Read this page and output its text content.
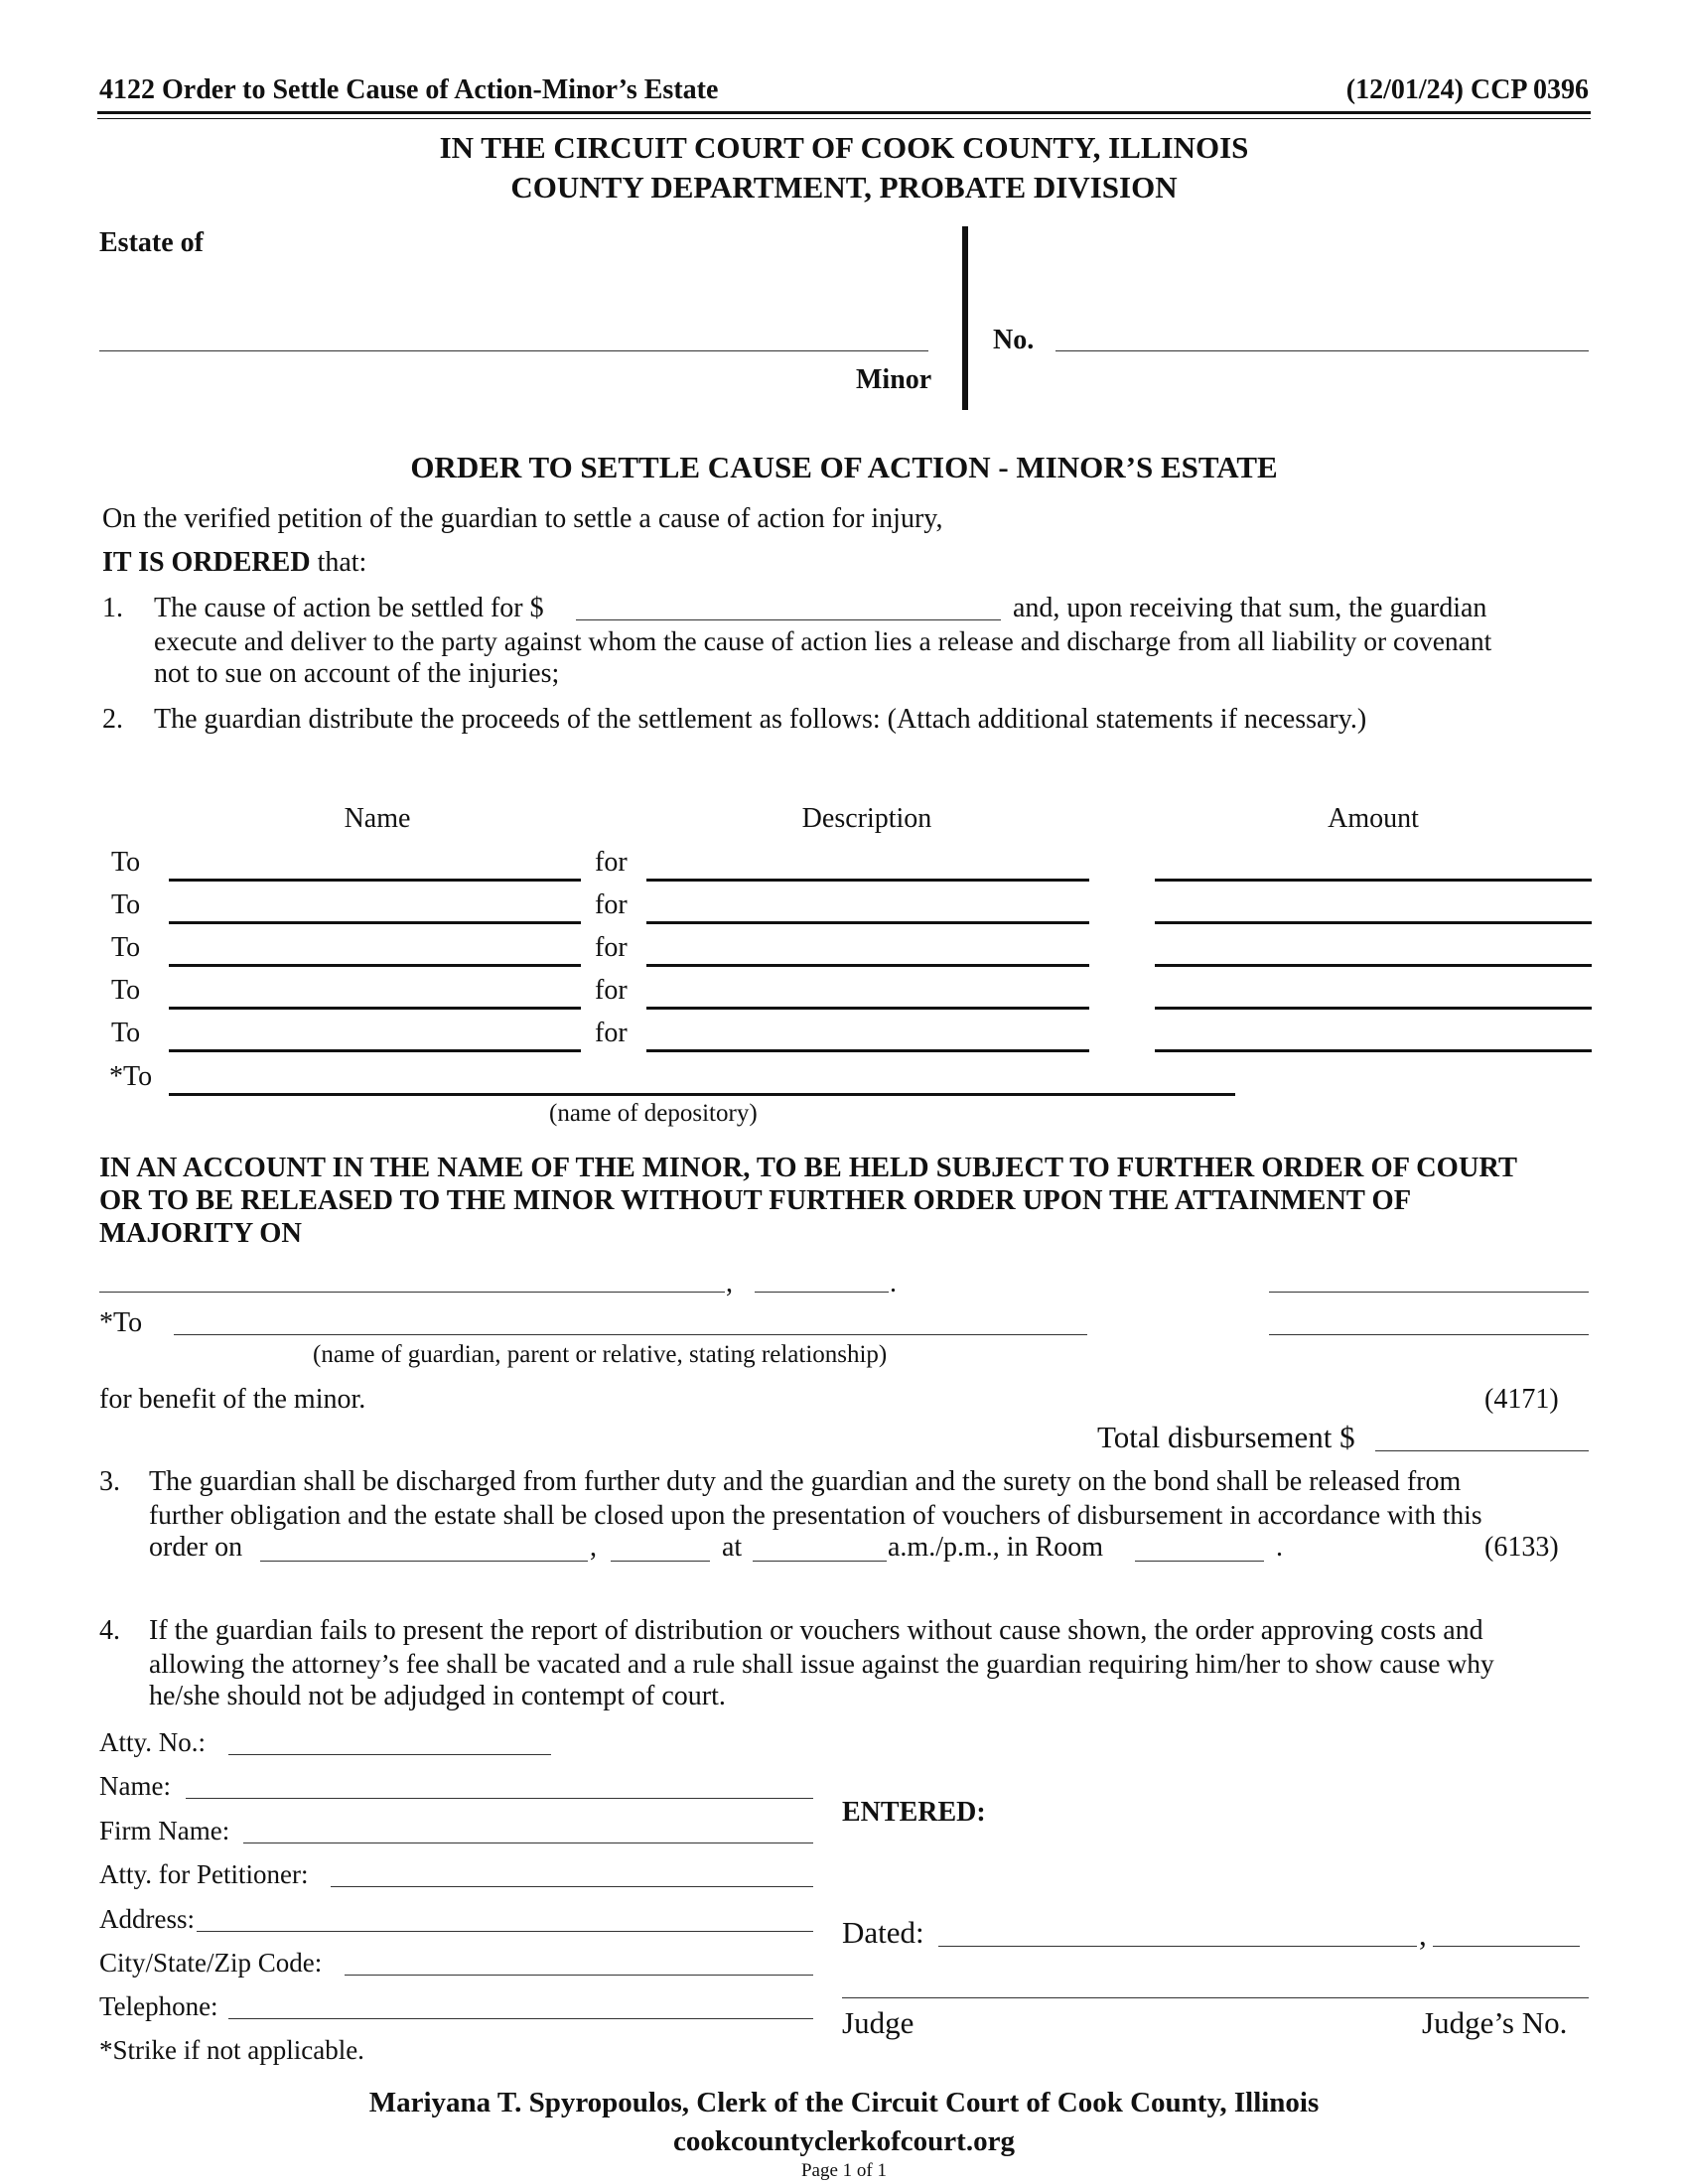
4122 Order to Settle Cause of Action-Minor’s Estate	(12/01/24) CCP 0396
IN THE CIRCUIT COURT OF COOK COUNTY, ILLINOIS
COUNTY DEPARTMENT, PROBATE DIVISION
Estate of
Minor
No.
ORDER TO SETTLE CAUSE OF ACTION - MINOR’S ESTATE
On the verified petition of the guardian to settle a cause of action for injury,
IT IS ORDERED that:
1. The cause of action be settled for $	and, upon receiving that sum, the guardian
execute and deliver to the party against whom the cause of action lies a release and discharge from all liability or covenant
not to sue on account of the injuries;
2. The guardian distribute the proceeds of the settlement as follows: (Attach additional statements if necessary.)
Name	Description	Amount
To	for
To	for
To	for
To	for
To	for
*To
(name of depository)
IN AN ACCOUNT IN THE NAME OF THE MINOR, TO BE HELD SUBJECT TO FURTHER ORDER OF COURT
OR TO BE RELEASED TO THE MINOR WITHOUT FURTHER ORDER UPON THE ATTAINMENT OF
MAJORITY ON
,	.
*To
(name of guardian, parent or relative, stating relationship)
for benefit of the minor.	(4171)
Total disbursement $
3. The guardian shall be discharged from further duty and the guardian and the surety on the bond shall be released from
further obligation and the estate shall be closed upon the presentation of vouchers of disbursement in accordance with this
order on	,	at	a.m./p.m., in Room	.	(6133)
4. If the guardian fails to present the report of distribution or vouchers without cause shown, the order approving costs and
allowing the attorney’s fee shall be vacated and a rule shall issue against the guardian requiring him/her to show cause why
he/she should not be adjudged in contempt of court.
Atty. No.:
Name:
Firm Name:
Atty. for Petitioner:
Address:
City/State/Zip Code:
Telephone:
*Strike if not applicable.
ENTERED:
Dated:	,
Judge	Judge’s No.
Mariyana T. Spyropoulos, Clerk of the Circuit Court of Cook County, Illinois
cookcountyclerkofcourt.org
Page 1 of 1
